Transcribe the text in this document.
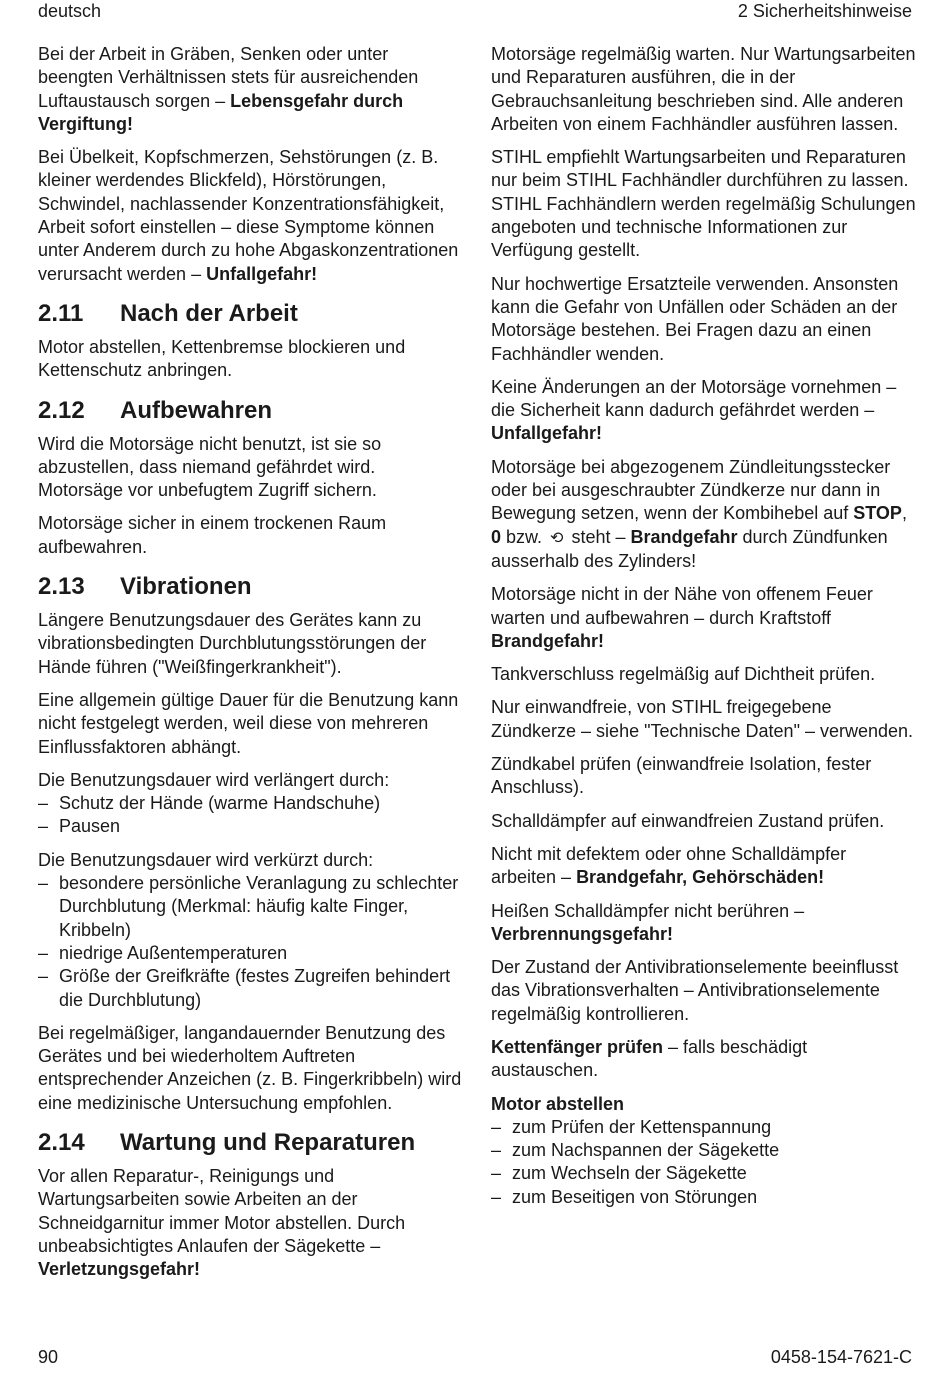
deutsch	2 Sicherheitshinweise

Bei der Arbeit in Gräben, Senken oder unter beengten Verhältnissen stets für ausreichenden Luftaustausch sorgen – Lebensgefahr durch Vergiftung!

Bei Übelkeit, Kopfschmerzen, Sehstörungen (z. B. kleiner werdendes Blickfeld), Hörstörungen, Schwindel, nachlassender Konzentrationsfähigkeit, Arbeit sofort einstellen – diese Symptome können unter Anderem durch zu hohe Abgaskonzentrationen verursacht werden – Unfallgefahr!

2.11 Nach der Arbeit

Motor abstellen, Kettenbremse blockieren und Kettenschutz anbringen.

2.12 Aufbewahren

Wird die Motorsäge nicht benutzt, ist sie so abzustellen, dass niemand gefährdet wird. Motorsäge vor unbefugtem Zugriff sichern.

Motorsäge sicher in einem trockenen Raum aufbewahren.

2.13 Vibrationen

Längere Benutzungsdauer des Gerätes kann zu vibrationsbedingten Durchblutungsstörungen der Hände führen ("Weißfingerkrankheit").

Eine allgemein gültige Dauer für die Benutzung kann nicht festgelegt werden, weil diese von mehreren Einflussfaktoren abhängt.

Die Benutzungsdauer wird verlängert durch:

– Schutz der Hände (warme Handschuhe)
– Pausen

Die Benutzungsdauer wird verkürzt durch:

– besondere persönliche Veranlagung zu schlechter Durchblutung (Merkmal: häufig kalte Finger, Kribbeln)
– niedrige Außentemperaturen
– Größe der Greifkräfte (festes Zugreifen behindert die Durchblutung)

Bei regelmäßiger, langandauernder Benutzung des Gerätes und bei wiederholtem Auftreten entsprechender Anzeichen (z. B. Fingerkribbeln) wird eine medizinische Untersuchung empfohlen.

2.14 Wartung und Reparaturen

Vor allen Reparatur-, Reinigungs und Wartungsarbeiten sowie Arbeiten an der Schneidgarnitur immer Motor abstellen. Durch unbeabsichtigtes Anlaufen der Sägekette – Verletzungsgefahr!

Motorsäge regelmäßig warten. Nur Wartungsarbeiten und Reparaturen ausführen, die in der Gebrauchsanleitung beschrieben sind. Alle anderen Arbeiten von einem Fachhändler ausführen lassen.

STIHL empfiehlt Wartungsarbeiten und Reparaturen nur beim STIHL Fachhändler durchführen zu lassen. STIHL Fachhändlern werden regelmäßig Schulungen angeboten und technische Informationen zur Verfügung gestellt.

Nur hochwertige Ersatzteile verwenden. Ansonsten kann die Gefahr von Unfällen oder Schäden an der Motorsäge bestehen. Bei Fragen dazu an einen Fachhändler wenden.

Keine Änderungen an der Motorsäge vornehmen – die Sicherheit kann dadurch gefährdet werden – Unfallgefahr!

Motorsäge bei abgezogenem Zündleitungsstecker oder bei ausgeschraubter Zündkerze nur dann in Bewegung setzen, wenn der Kombihebel auf STOP, 0 bzw. ⟲ steht – Brandgefahr durch Zündfunken ausserhalb des Zylinders!

Motorsäge nicht in der Nähe von offenem Feuer warten und aufbewahren – durch Kraftstoff Brandgefahr!

Tankverschluss regelmäßig auf Dichtheit prüfen.

Nur einwandfreie, von STIHL freigegebene Zündkerze – siehe "Technische Daten" – verwenden.

Zündkabel prüfen (einwandfreie Isolation, fester Anschluss).

Schalldämpfer auf einwandfreien Zustand prüfen.

Nicht mit defektem oder ohne Schalldämpfer arbeiten – Brandgefahr, Gehörschäden!

Heißen Schalldämpfer nicht berühren – Verbrennungsgefahr!

Der Zustand der Antivibrationselemente beeinflusst das Vibrationsverhalten – Antivibrationselemente regelmäßig kontrollieren.

Kettenfänger prüfen – falls beschädigt austauschen.

Motor abstellen

– zum Prüfen der Kettenspannung
– zum Nachspannen der Sägekette
– zum Wechseln der Sägekette
– zum Beseitigen von Störungen
90	0458-154-7621-C
